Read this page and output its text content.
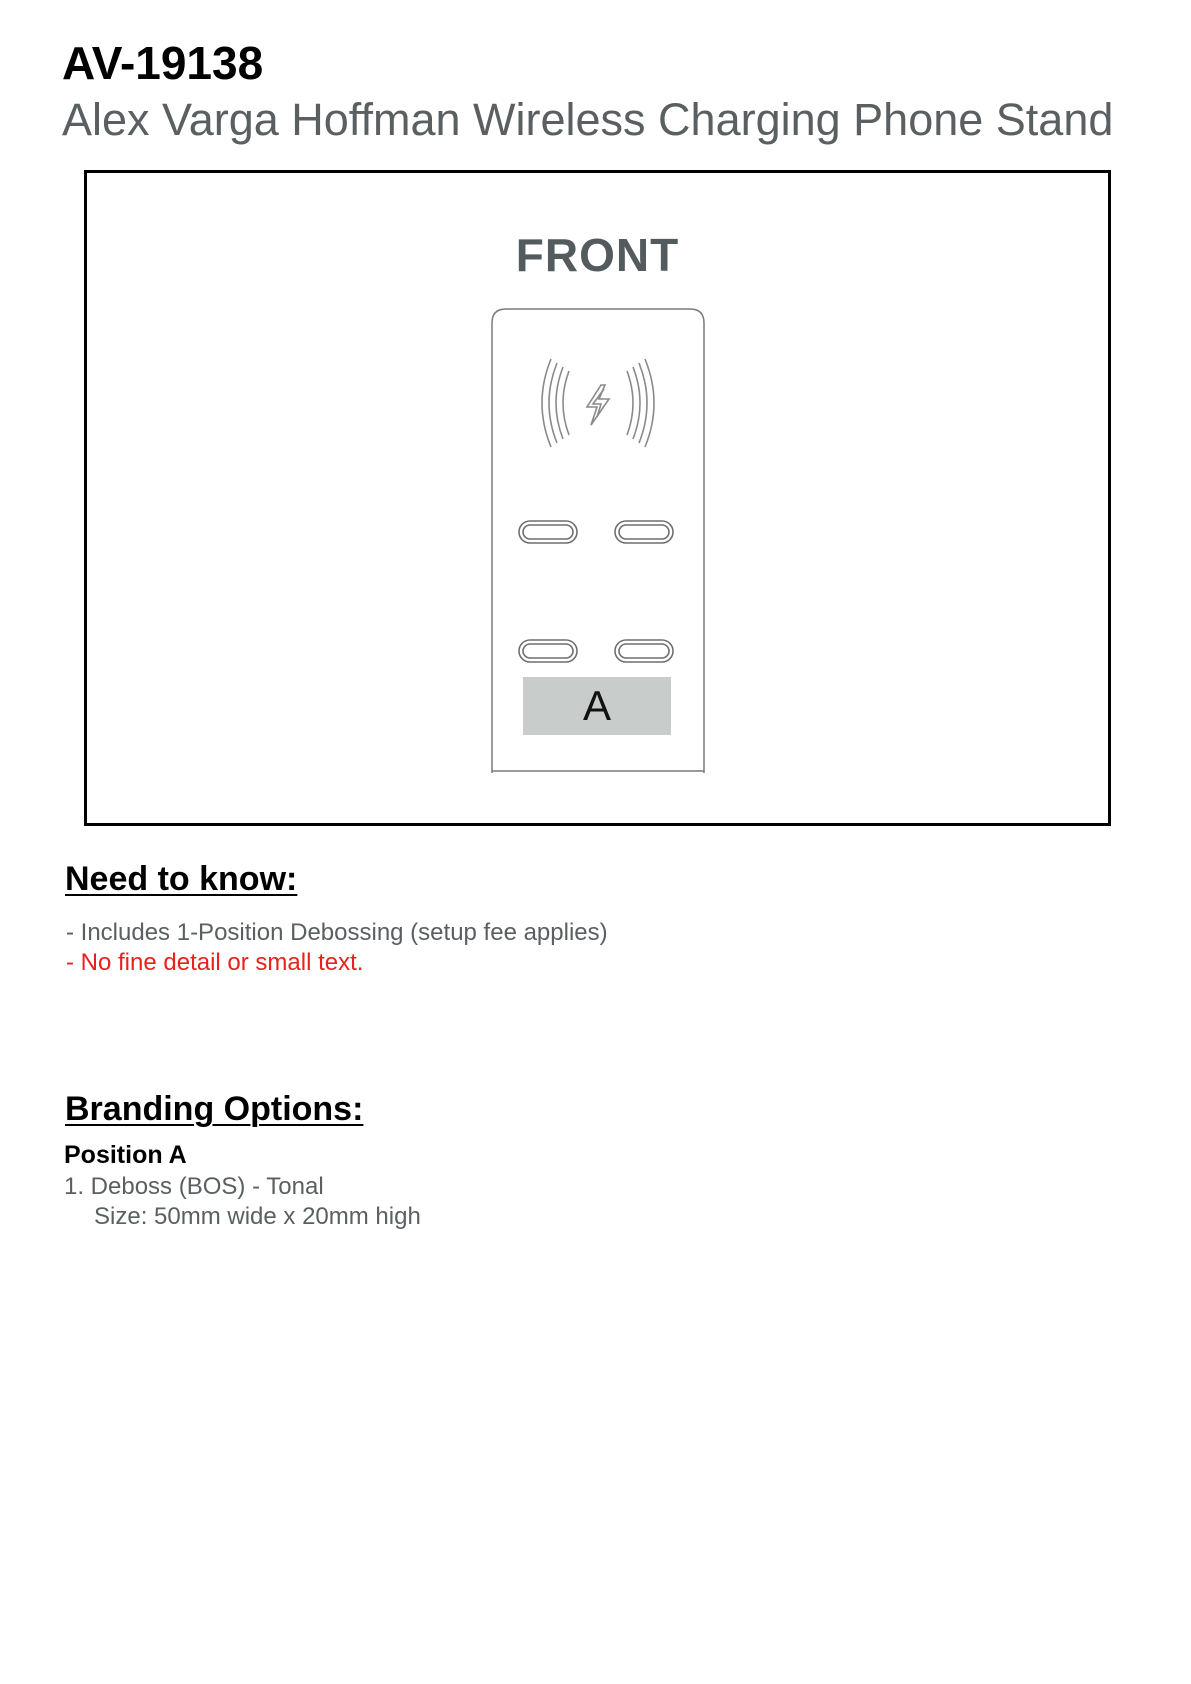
AV-19138
Alex Varga Hoffman Wireless Charging Phone Stand
FRONT
A
Need to know:
- Includes 1-Position Debossing (setup fee applies)
- No fine detail or small text.
Branding Options:
Position A
1. Deboss (BOS) - Tonal
Size: 50mm wide x 20mm high
